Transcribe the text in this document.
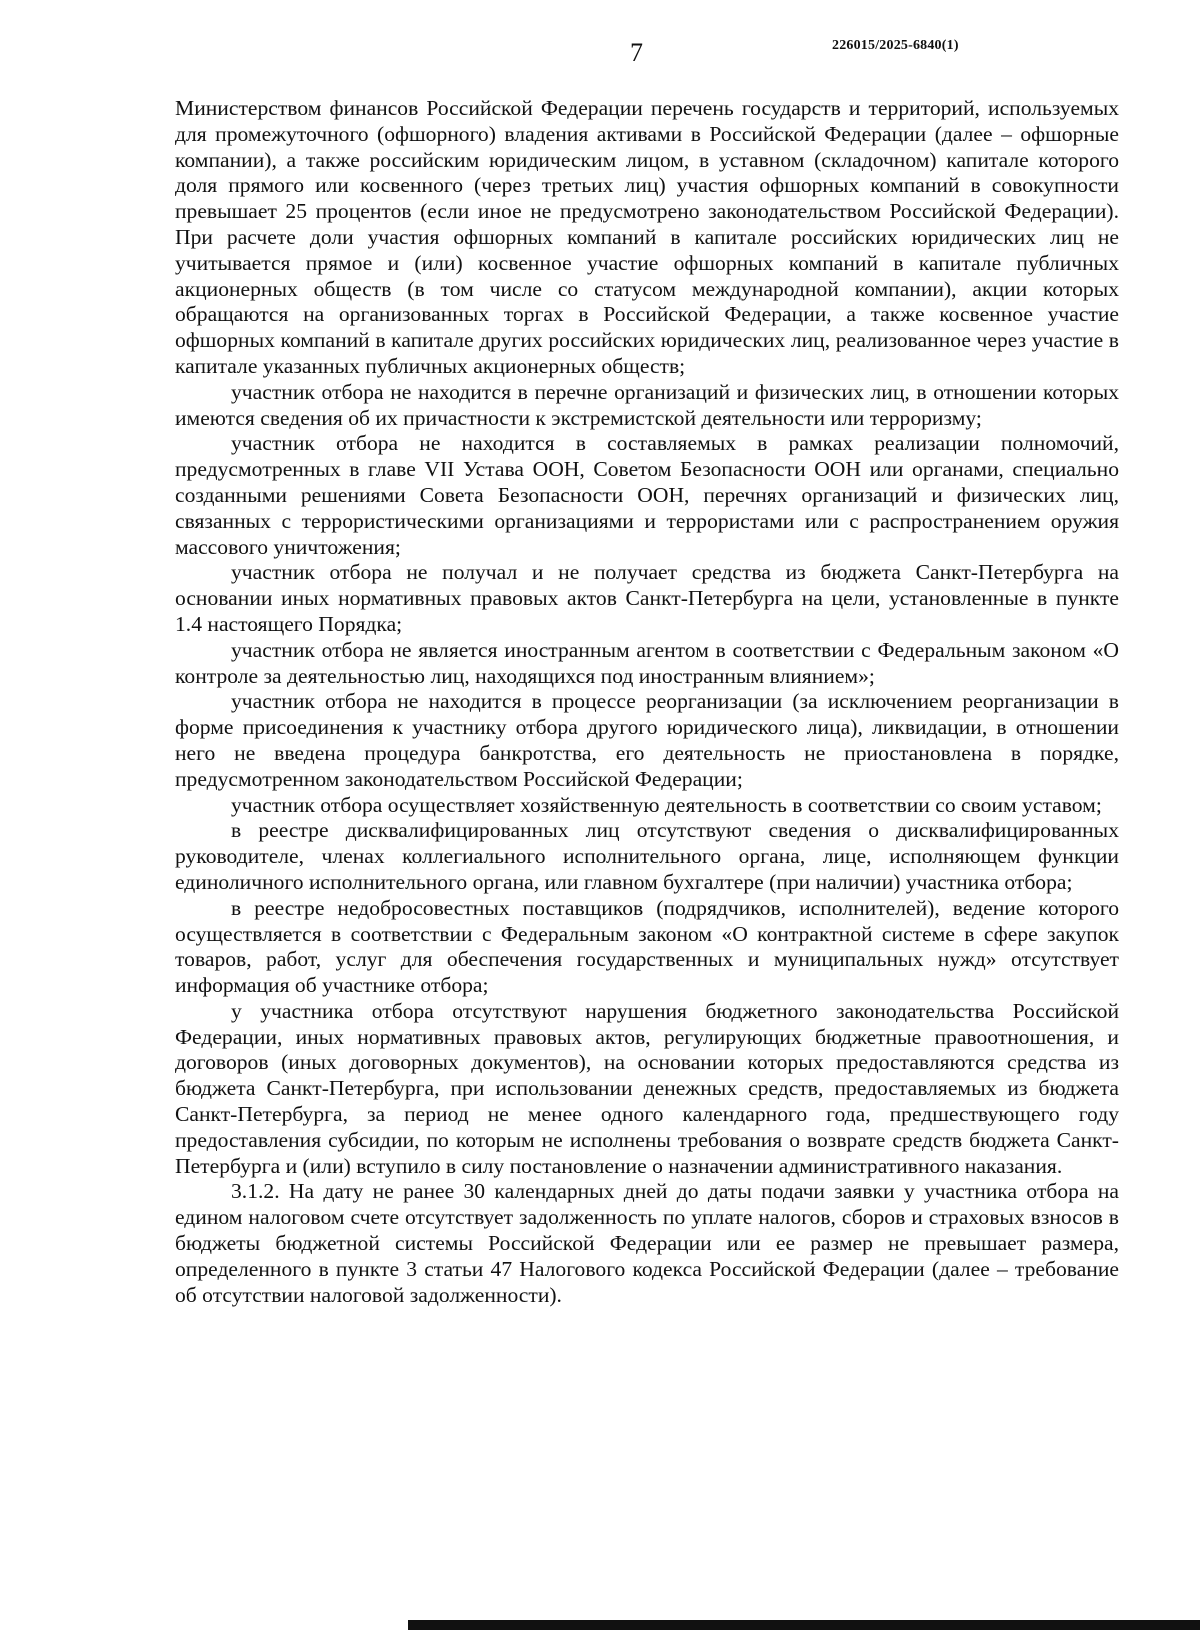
7	226015/2025-6840(1)

Министерством финансов Российской Федерации перечень государств и территорий, используемых для промежуточного (офшорного) владения активами в Российской Федерации (далее – офшорные компании), а также российским юридическим лицом, в уставном (складочном) капитале которого доля прямого или косвенного (через третьих лиц) участия офшорных компаний в совокупности превышает 25 процентов (если иное не предусмотрено законодательством Российской Федерации). При расчете доли участия офшорных компаний в капитале российских юридических лиц не учитывается прямое и (или) косвенное участие офшорных компаний в капитале публичных акционерных обществ (в том числе со статусом международной компании), акции которых обращаются на организованных торгах в Российской Федерации, а также косвенное участие офшорных компаний в капитале других российских юридических лиц, реализованное через участие в капитале указанных публичных акционерных обществ;

участник отбора не находится в перечне организаций и физических лиц, в отношении которых имеются сведения об их причастности к экстремистской деятельности или терроризму;

участник отбора не находится в составляемых в рамках реализации полномочий, предусмотренных в главе VII Устава ООН, Советом Безопасности ООН или органами, специально созданными решениями Совета Безопасности ООН, перечнях организаций и физических лиц, связанных с террористическими организациями и террористами или с распространением оружия массового уничтожения;

участник отбора не получал и не получает средства из бюджета Санкт-Петербурга на основании иных нормативных правовых актов Санкт-Петербурга на цели, установленные в пункте 1.4 настоящего Порядка;

участник отбора не является иностранным агентом в соответствии с Федеральным законом «О контроле за деятельностью лиц, находящихся под иностранным влиянием»;

участник отбора не находится в процессе реорганизации (за исключением реорганизации в форме присоединения к участнику отбора другого юридического лица), ликвидации, в отношении него не введена процедура банкротства, его деятельность не приостановлена в порядке, предусмотренном законодательством Российской Федерации;

участник отбора осуществляет хозяйственную деятельность в соответствии со своим уставом;

в реестре дисквалифицированных лиц отсутствуют сведения о дисквалифицированных руководителе, членах коллегиального исполнительного органа, лице, исполняющем функции единоличного исполнительного органа, или главном бухгалтере (при наличии) участника отбора;

в реестре недобросовестных поставщиков (подрядчиков, исполнителей), ведение которого осуществляется в соответствии с Федеральным законом «О контрактной системе в сфере закупок товаров, работ, услуг для обеспечения государственных и муниципальных нужд» отсутствует информация об участнике отбора;

у участника отбора отсутствуют нарушения бюджетного законодательства Российской Федерации, иных нормативных правовых актов, регулирующих бюджетные правоотношения, и договоров (иных договорных документов), на основании которых предоставляются средства из бюджета Санкт-Петербурга, при использовании денежных средств, предоставляемых из бюджета Санкт-Петербурга, за период не менее одного календарного года, предшествующего году предоставления субсидии, по которым не исполнены требования о возврате средств бюджета Санкт-Петербурга и (или) вступило в силу постановление о назначении административного наказания.

3.1.2. На дату не ранее 30 календарных дней до даты подачи заявки у участника отбора на едином налоговом счете отсутствует задолженность по уплате налогов, сборов и страховых взносов в бюджеты бюджетной системы Российской Федерации или ее размер не превышает размера, определенного в пункте 3 статьи 47 Налогового кодекса Российской Федерации (далее – требование об отсутствии налоговой задолженности).
